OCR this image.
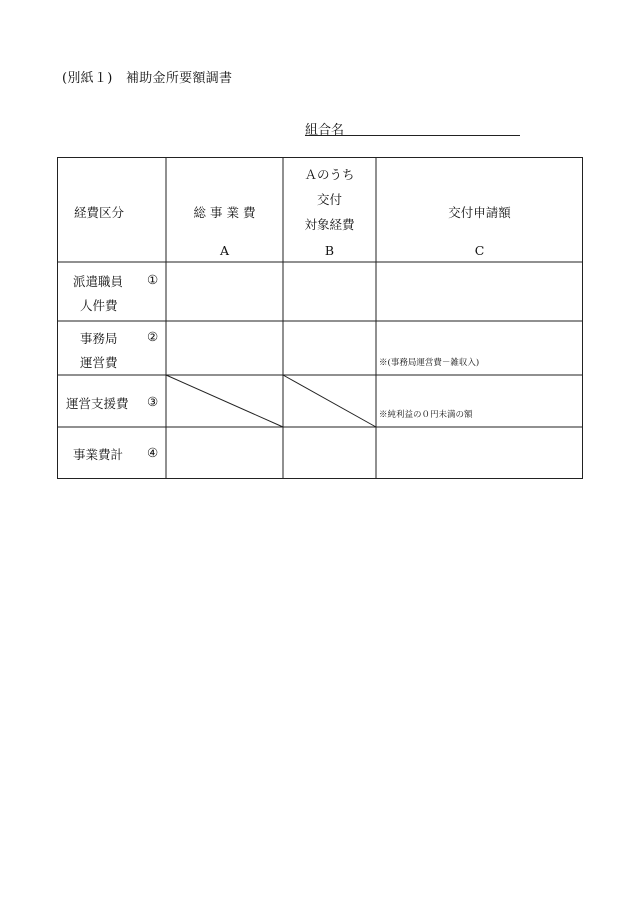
(別紙１)　補助金所要額調書
組合名
経費区分	総 事 業 費
A
Ａのうち
交付
対象経費
B
交付申請額
C
派遣職員 ①
人件費
事務局 ②
運営費	※(事務局運営費－雑収入)
運営支援費 ③
※純利益の０円未満の額
事業費計 ④
